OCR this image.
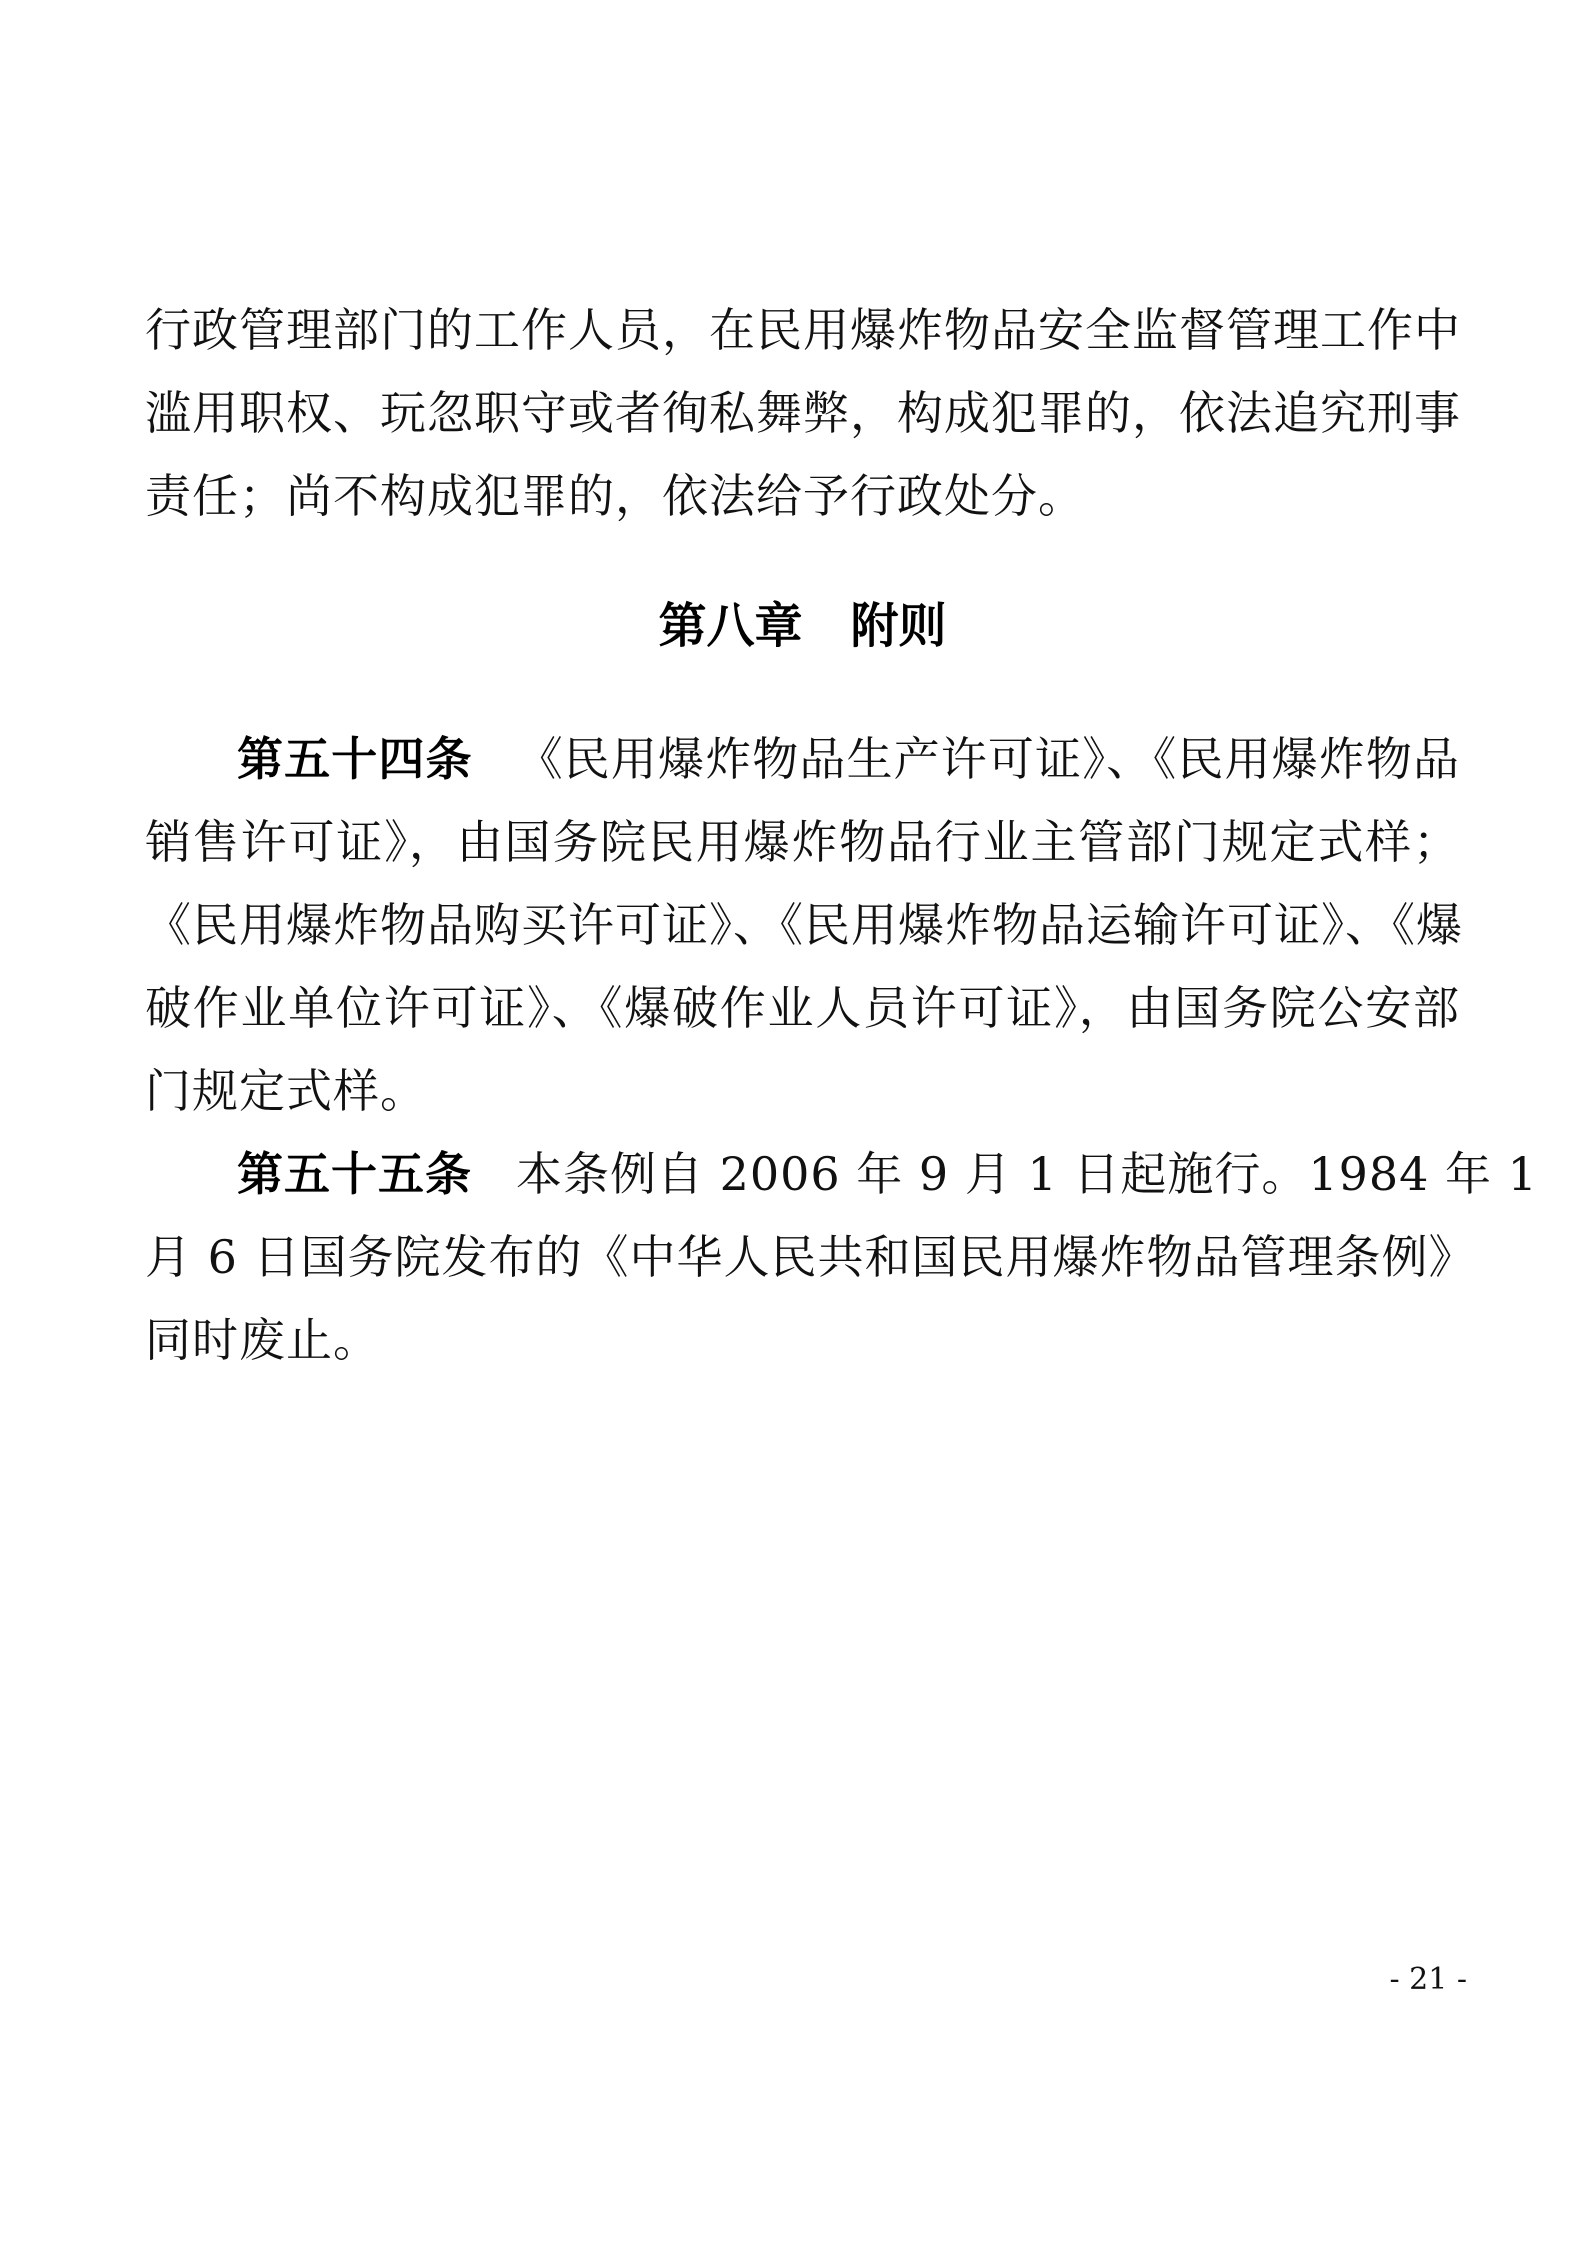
行政管理部门的工作人员，在民用爆炸物品安全监督管理工作中
滥用职权、玩忽职守或者徇私舞弊，构成犯罪的，依法追究刑事
责任；尚不构成犯罪的，依法给予行政处分。
第八章 附则
第五十四条 《民用爆炸物品生产许可证》、《民用爆炸物品
销售许可证》，由国务院民用爆炸物品行业主管部门规定式样；
《民用爆炸物品购买许可证》、《民用爆炸物品运输许可证》、《爆
破作业单位许可证》、《爆破作业人员许可证》，由国务院公安部
门规定式样。
第五十五条 本条例自 2006 年 9 月 1 日起施行。1984 年 1
月 6 日国务院发布的《中华人民共和国民用爆炸物品管理条例》
同时废止。
- 21 -
